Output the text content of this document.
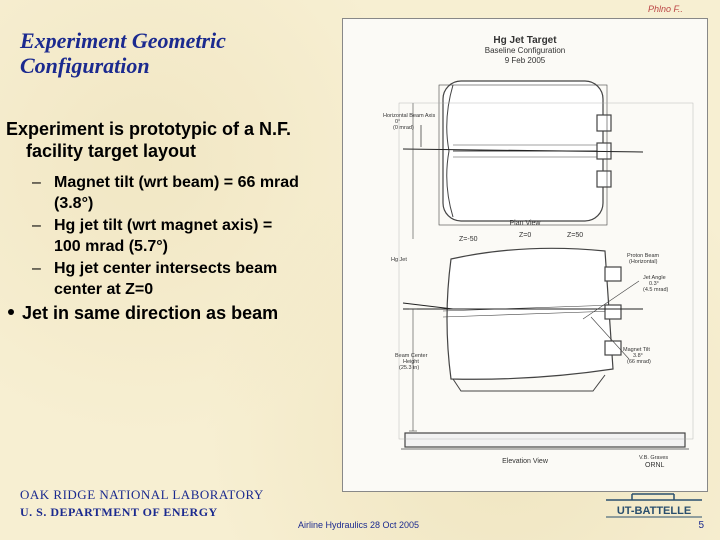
Phlno F..
Experiment Geometric
Configuration
Experiment is prototypic of a N.F.
facility target layout
– Magnet tilt (wrt beam) = 66 mrad
(3.8°)
– Hg jet tilt (wrt magnet axis) =
100 mrad (5.7°)
– Hg jet center intersects beam
center at Z=0
Jet in same direction as beam
Hg Jet Target
Baseline Configuration
9 Feb 2005
Horizontal Beam Axis
0°
(0 mrad)
Plan View
Z=-50
Z=0	Z=50
Hg Jet
Proton Beam
(Horizontal)
Jet Angle
0.3°
(4.5 mrad)
Magnet Tilt
3.8°
(66 mrad)
Beam Center
Height
(25.3 in)
Elevation View	V.B. Graves
ORNL
OAK RIDGE NATIONAL LABORATORY
U. S. DEPARTMENT OF ENERGY
Airline Hydraulics 28 Oct 2005
UT-BATTELLE
5
